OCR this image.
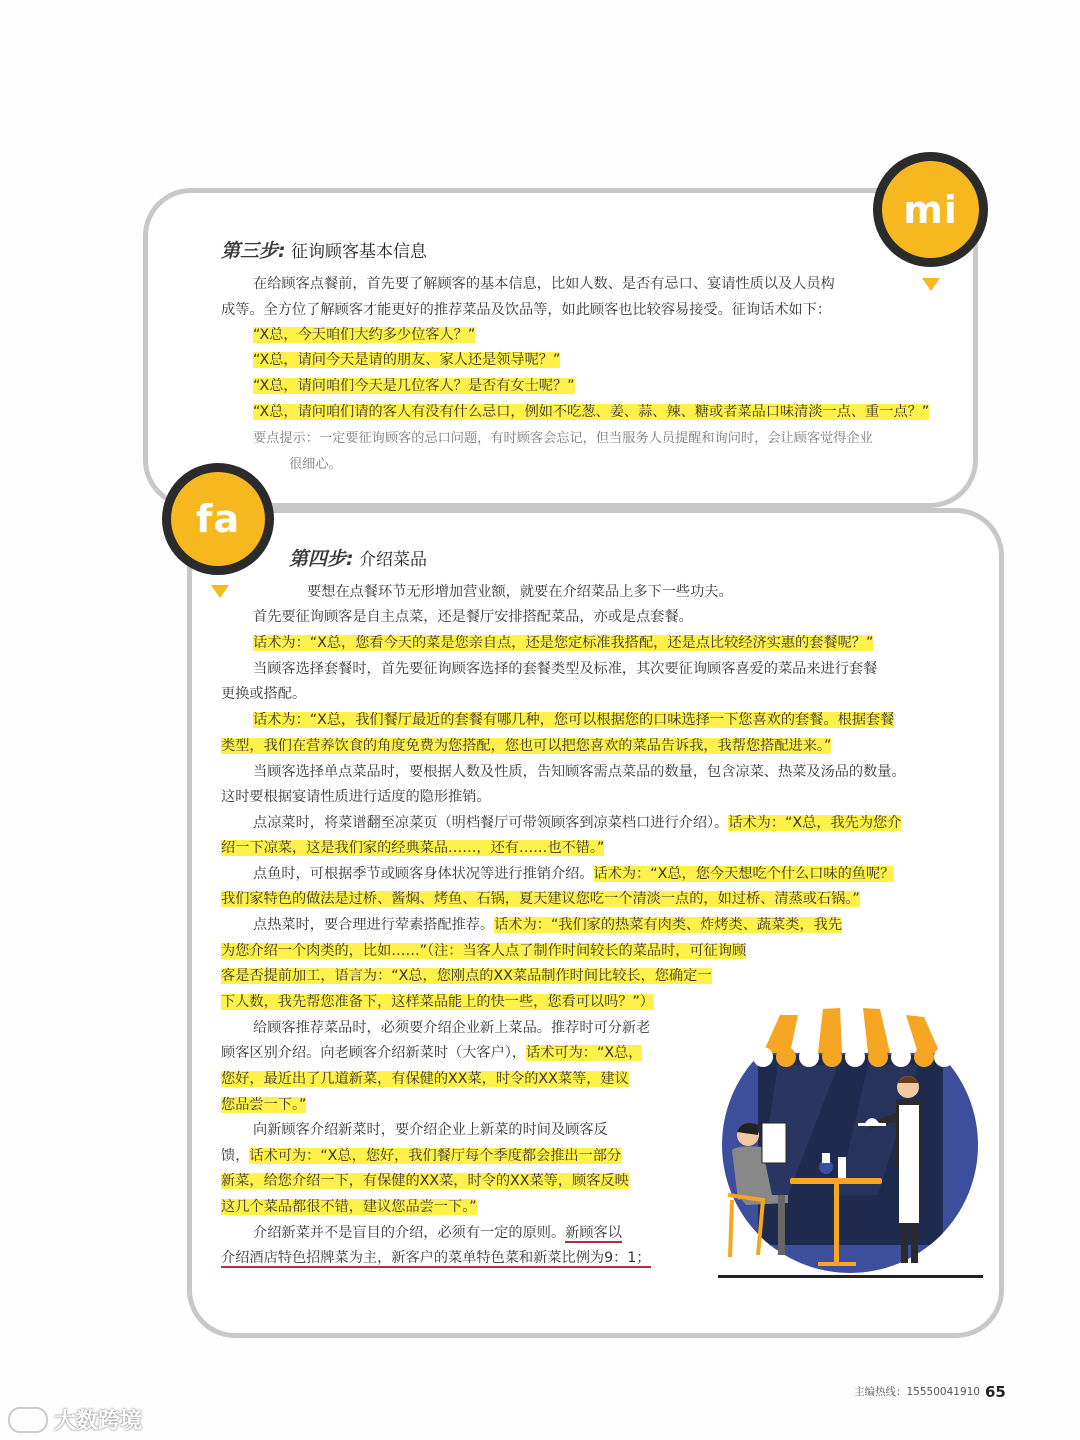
mi
第三步: 征询顾客基本信息
在给顾客点餐前，首先要了解顾客的基本信息，比如人数、是否有忌口、宴请性质以及人员构
成等。全方位了解顾客才能更好的推荐菜品及饮品等，如此顾客也比较容易接受。征询话术如下：
“X总，今天咱们大约多少位客人？”
“X总，请问今天是请的朋友、家人还是领导呢？”
“X总，请问咱们今天是几位客人？是否有女士呢？”
“X总，请问咱们请的客人有没有什么忌口，例如不吃葱、姜、蒜、辣、糖或者菜品口味清淡一点、重一点？”
要点提示：一定要征询顾客的忌口问题，有时顾客会忘记，但当服务人员提醒和询问时，会让顾客觉得企业
很细心。
fa
第四步: 介绍菜品
要想在点餐环节无形增加营业额，就要在介绍菜品上多下一些功夫。
首先要征询顾客是自主点菜，还是餐厅安排搭配菜品，亦或是点套餐。
话术为：“X总，您看今天的菜是您亲自点，还是您定标准我搭配，还是点比较经济实惠的套餐呢？”
当顾客选择套餐时，首先要征询顾客选择的套餐类型及标准，其次要征询顾客喜爱的菜品来进行套餐
更换或搭配。
话术为：“X总，我们餐厅最近的套餐有哪几种，您可以根据您的口味选择一下您喜欢的套餐。根据套餐
类型，我们在营养饮食的角度免费为您搭配，您也可以把您喜欢的菜品告诉我，我帮您搭配进来。”
当顾客选择单点菜品时，要根据人数及性质，告知顾客需点菜品的数量，包含凉菜、热菜及汤品的数量。
这时要根据宴请性质进行适度的隐形推销。
点凉菜时，将菜谱翻至凉菜页（明档餐厅可带领顾客到凉菜档口进行介绍）。话术为：“X总，我先为您介
绍一下凉菜，这是我们家的经典菜品……，还有……也不错。”
点鱼时，可根据季节或顾客身体状况等进行推销介绍。话术为：“X总，您今天想吃个什么口味的鱼呢？
我们家特色的做法是过桥、酱焖、烤鱼、石锅，夏天建议您吃一个清淡一点的，如过桥、清蒸或石锅。”
点热菜时，要合理进行荤素搭配推荐。话术为：“我们家的热菜有肉类、炸烤类、蔬菜类，我先
为您介绍一个肉类的，比如……”（注：当客人点了制作时间较长的菜品时，可征询顾
客是否提前加工，语言为：“X总，您刚点的XX菜品制作时间比较长，您确定一
下人数，我先帮您准备下，这样菜品能上的快一些，您看可以吗？”）
给顾客推荐菜品时，必须要介绍企业新上菜品。推荐时可分新老
顾客区别介绍。向老顾客介绍新菜时（大客户），话术可为：“X总，
您好，最近出了几道新菜，有保健的XX菜，时令的XX菜等，建议
您品尝一下。”
向新顾客介绍新菜时，要介绍企业上新菜的时间及顾客反
馈，话术可为：“X总，您好，我们餐厅每个季度都会推出一部分
新菜，给您介绍一下，有保健的XX菜，时令的XX菜等，顾客反映
这几个菜品都很不错，建议您品尝一下。”
介绍新菜并不是盲目的介绍，必须有一定的原则。新顾客以
介绍酒店特色招牌菜为主，新客户的菜单特色菜和新菜比例为9：1；
主编热线：15550041910 65
大数跨境
